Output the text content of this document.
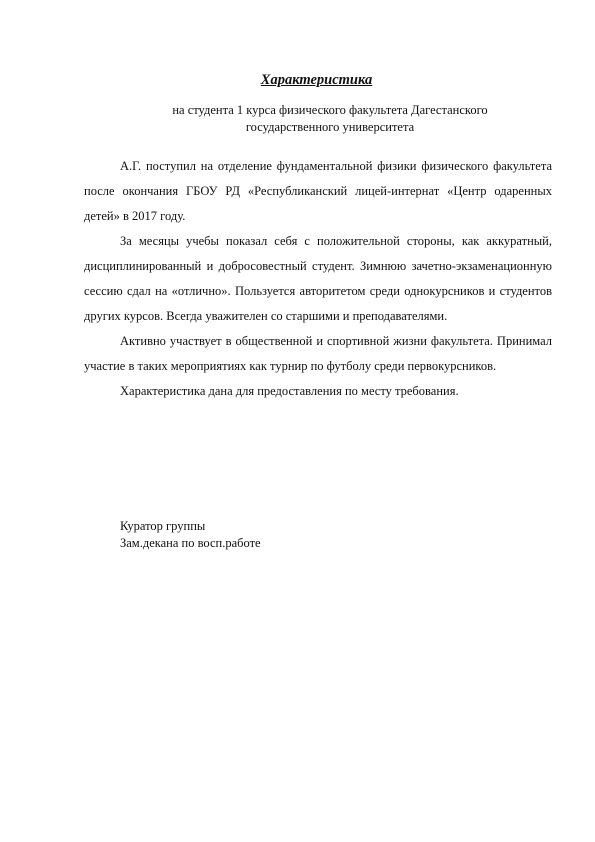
Характеристика
на студента 1 курса физического факультета Дагестанского
государственного университета

А.Г. поступил на отделение фундаментальной физики физического факультета после окончания ГБОУ РД «Республиканский лицей-интернат «Центр одаренных детей» в 2017 году.

За месяцы учебы показал себя с положительной стороны, как аккуратный, дисциплинированный и добросовестный студент. Зимнюю зачетно-экзаменационную сессию сдал на «отлично». Пользуется авторитетом среди однокурсников и студентов других курсов. Всегда уважителен со старшими и преподавателями.

Активно участвует в общественной и спортивной жизни факультета. Принимал участие в таких мероприятиях как турнир по футболу среди первокурсников.

Характеристика дана для предоставления по месту требования.

Куратор группы
Зам.декана по восп.работе
